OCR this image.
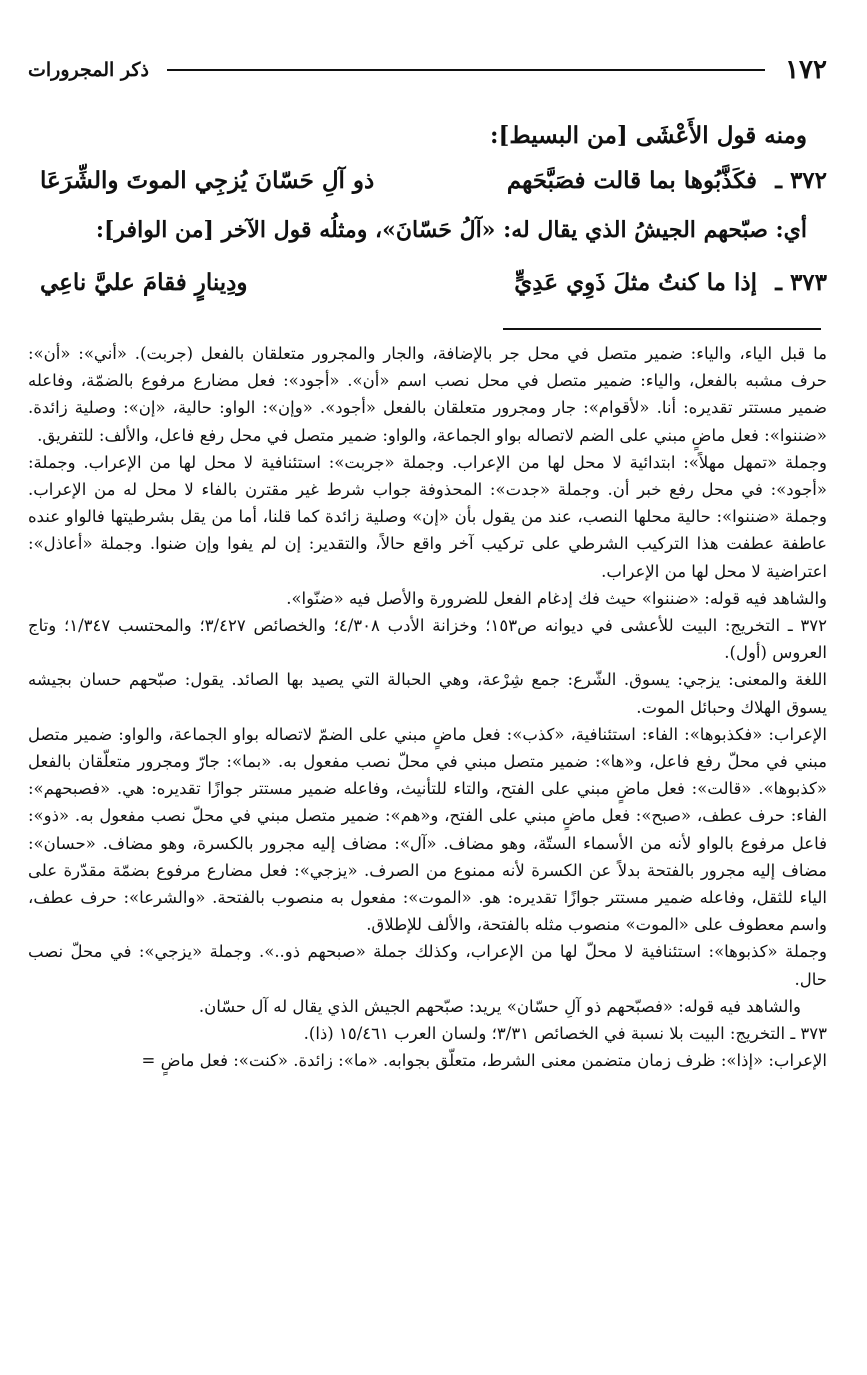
١٧٢
ذكر المجرورات
ومنه قول الأَعْشَى [من البسيط]:
٣٧٢ ـ
فكَذَّبُوها بما قالت فصَبَّحَهم
ذو آلِ حَسّانَ يُزجِي الموتَ والشِّرَعَا
أي: صبّحهم الجيشُ الذي يقال له: «آلُ حَسّانَ»، ومثلُه قول الآخر [من الوافر]:
٣٧٣ ـ
إذا ما كنتُ مثلَ ذَوِي عَدِيٍّ
ودِينارٍ فقامَ عليَّ ناعِي

ما قبل الياء، والياء: ضمير متصل في محل جر بالإضافة، والجار والمجرور متعلقان بالفعل (جربت). «أني»: «أن»: حرف مشبه بالفعل، والياء: ضمير متصل في محل نصب اسم «أن». «أجود»: فعل مضارع مرفوع بالضمّة، وفاعله ضمير مستتر تقديره: أنا. «لأقوام»: جار ومجرور متعلقان بالفعل «أجود». «وإن»: الواو: حالية، «إن»: وصلية زائدة. «ضننوا»: فعل ماضٍ مبني على الضم لاتصاله بواو الجماعة، والواو: ضمير متصل في محل رفع فاعل، والألف: للتفريق.

وجملة «تمهل مهلاً»: ابتدائية لا محل لها من الإعراب. وجملة «جربت»: استئنافية لا محل لها من الإعراب. وجملة: «أجود»: في محل رفع خبر أن. وجملة «جدت»: المحذوفة جواب شرط غير مقترن بالفاء لا محل له من الإعراب. وجملة «ضننوا»: حالية محلها النصب، عند من يقول بأن «إن» وصلية زائدة كما قلنا، أما من يقل بشرطيتها فالواو عنده عاطفة عطفت هذا التركيب الشرطي على تركيب آخر واقع حالاً، والتقدير: إن لم يفوا وإن ضنوا. وجملة «أعاذل»: اعتراضية لا محل لها من الإعراب.

والشاهد فيه قوله: «ضننوا» حيث فك إدغام الفعل للضرورة والأصل فيه «ضنّوا».

٣٧٢ ـ التخريج: البيت للأعشى في ديوانه ص١٥٣؛ وخزانة الأدب ٤/٣٠٨؛ والخصائص ٣/٤٢٧؛ والمحتسب ١/٣٤٧؛ وتاج العروس (أول).

اللغة والمعنى: يزجي: يسوق. الشّرع: جمع شِرْعة، وهي الحبالة التي يصيد بها الصائد. يقول: صبّحهم حسان بجيشه يسوق الهلاك وحبائل الموت.

الإعراب: «فكذبوها»: الفاء: استئنافية، «كذب»: فعل ماضٍ مبني على الضمّ لاتصاله بواو الجماعة، والواو: ضمير متصل مبني في محلّ رفع فاعل، و«ها»: ضمير متصل مبني في محلّ نصب مفعول به. «بما»: جارّ ومجرور متعلّقان بالفعل «كذبوها». «قالت»: فعل ماضٍ مبني على الفتح، والتاء للتأنيث، وفاعله ضمير مستتر جوازًا تقديره: هي. «فصبحهم»: الفاء: حرف عطف، «صبح»: فعل ماضٍ مبني على الفتح، و«هم»: ضمير متصل مبني في محلّ نصب مفعول به. «ذو»: فاعل مرفوع بالواو لأنه من الأسماء الستّة، وهو مضاف. «آل»: مضاف إليه مجرور بالكسرة، وهو مضاف. «حسان»: مضاف إليه مجرور بالفتحة بدلاً عن الكسرة لأنه ممنوع من الصرف. «يزجي»: فعل مضارع مرفوع بضمّة مقدّرة على الياء للثقل، وفاعله ضمير مستتر جوازًا تقديره: هو. «الموت»: مفعول به منصوب بالفتحة. «والشرعا»: حرف عطف، واسم معطوف على «الموت» منصوب مثله بالفتحة، والألف للإطلاق.

وجملة «كذبوها»: استئنافية لا محلّ لها من الإعراب، وكذلك جملة «صبحهم ذو..». وجملة «يزجي»: في محلّ نصب حال.

والشاهد فيه قوله: «فصبّحهم ذو آلِ حسّان» يريد: صبّحهم الجيش الذي يقال له آل حسّان.

٣٧٣ ـ التخريج: البيت بلا نسبة في الخصائص ٣/٣١؛ ولسان العرب ١٥/٤٦١ (ذا).

الإعراب: «إذا»: ظرف زمان متضمن معنى الشرط، متعلّق بجوابه. «ما»: زائدة. «كنت»: فعل ماضٍ =
